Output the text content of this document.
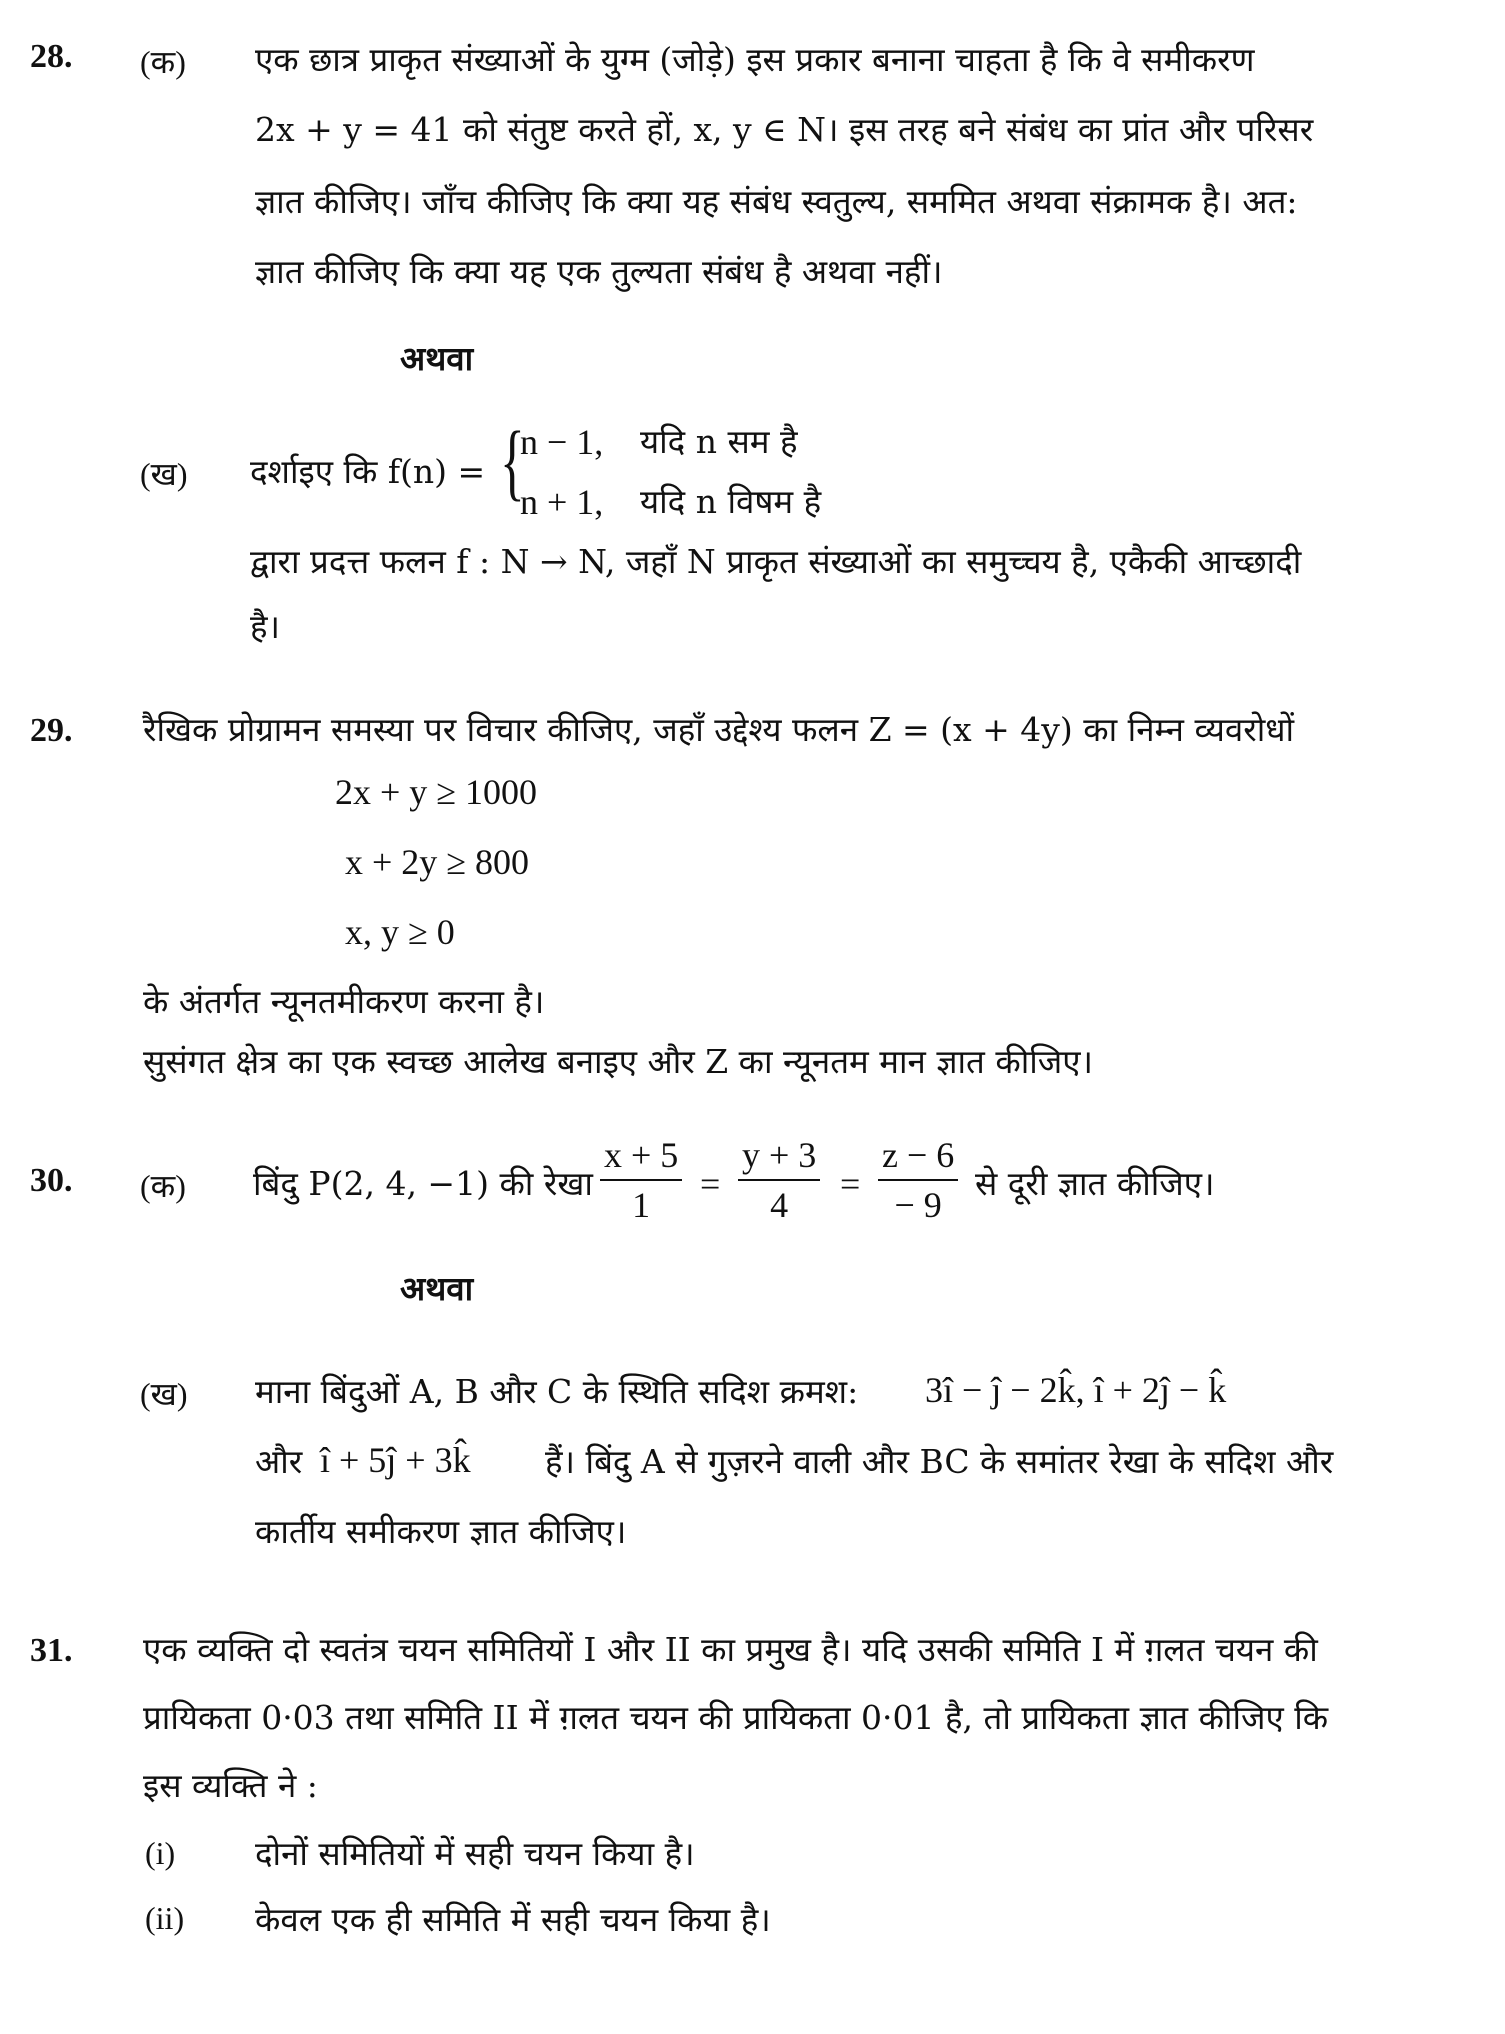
28. (क) एक छात्र प्राकृत संख्याओं के युग्म (जोड़े) इस प्रकार बनाना चाहता है कि वे समीकरण
2x + y = 41 को संतुष्ट करते हों, x, y ∈ N। इस तरह बने संबंध का प्रांत और परिसर
ज्ञात कीजिए। जाँच कीजिए कि क्या यह संबंध स्वतुल्य, सममित अथवा संक्रामक है। अत:
ज्ञात कीजिए कि क्या यह एक तुल्यता संबंध है अथवा नहीं।
अथवा
(ख) दर्शाइए कि f(n) = {
n − 1, यदि n सम है
n + 1, यदि n विषम है
द्वारा प्रदत्त फलन f : N → N, जहाँ N प्राकृत संख्याओं का समुच्चय है, एकैकी आच्छादी
है।
29. रैखिक प्रोग्रामन समस्या पर विचार कीजिए, जहाँ उद्देश्य फलन Z = (x + 4y) का निम्न व्यवरोधों
2x + y ≥ 1000
x + 2y ≥ 800
x, y ≥ 0
के अंतर्गत न्यूनतमीकरण करना है।
सुसंगत क्षेत्र का एक स्वच्छ आलेख बनाइए और Z का न्यूनतम मान ज्ञात कीजिए।
30. (क) बिंदु P(2, 4, −1) की रेखा
x + 5
1
=
y + 3
4
=
z − 6
− 9
से दूरी ज्ञात कीजिए।
अथवा
(ख) माना बिंदुओं A, B और C के स्थिति सदिश क्रमश: 3î − ĵ − 2k̂, î + 2ĵ − k̂
और î + 5ĵ + 3k̂ हैं। बिंदु A से गुज़रने वाली और BC के समांतर रेखा के सदिश और
कार्तीय समीकरण ज्ञात कीजिए।
31. एक व्यक्ति दो स्वतंत्र चयन समितियों I और II का प्रमुख है। यदि उसकी समिति I में ग़लत चयन की
प्रायिकता 0·03 तथा समिति II में ग़लत चयन की प्रायिकता 0·01 है, तो प्रायिकता ज्ञात कीजिए कि
इस व्यक्ति ने :
(i) दोनों समितियों में सही चयन किया है।
(ii) केवल एक ही समिति में सही चयन किया है।
